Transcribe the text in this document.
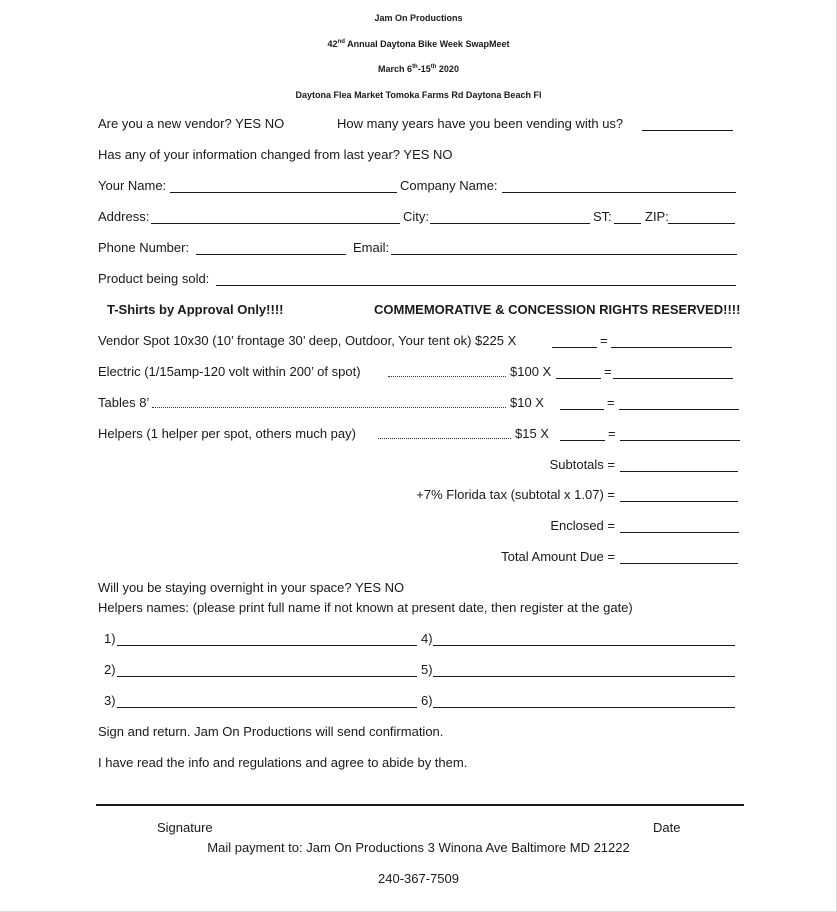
Jam On Productions
42nd Annual Daytona Bike Week SwapMeet
March 6th-15th 2020
Daytona Flea Market Tomoka Farms Rd Daytona Beach Fl
Are you a new vendor? YES NO	How many years have you been vending with us?
Has any of your information changed from last year? YES NO
Your Name:	Company Name:
Address:	City:	ST:	ZIP:
Phone Number:	Email:
Product being sold:
T-Shirts by Approval Only!!!!	COMMEMORATIVE & CONCESSION RIGHTS RESERVED!!!!
Vendor Spot 10x30 (10’ frontage 30’ deep, Outdoor, Your tent ok) $225 X	=
Electric (1/15amp-120 volt within 200’ of spot)	$100 X	=
Tables 8’	$10 X	=
Helpers (1 helper per spot, others much pay)	$15 X	=
Subtotals =
+7% Florida tax (subtotal x 1.07) =
Enclosed =
Total Amount Due =
Will you be staying overnight in your space? YES NO
Helpers names: (please print full name if not known at present date, then register at the gate)
1)	4)
2)	5)
3)	6)
Sign and return. Jam On Productions will send confirmation.
I have read the info and regulations and agree to abide by them.
Signature	Date
Mail payment to: Jam On Productions 3 Winona Ave Baltimore MD 21222
240-367-7509
